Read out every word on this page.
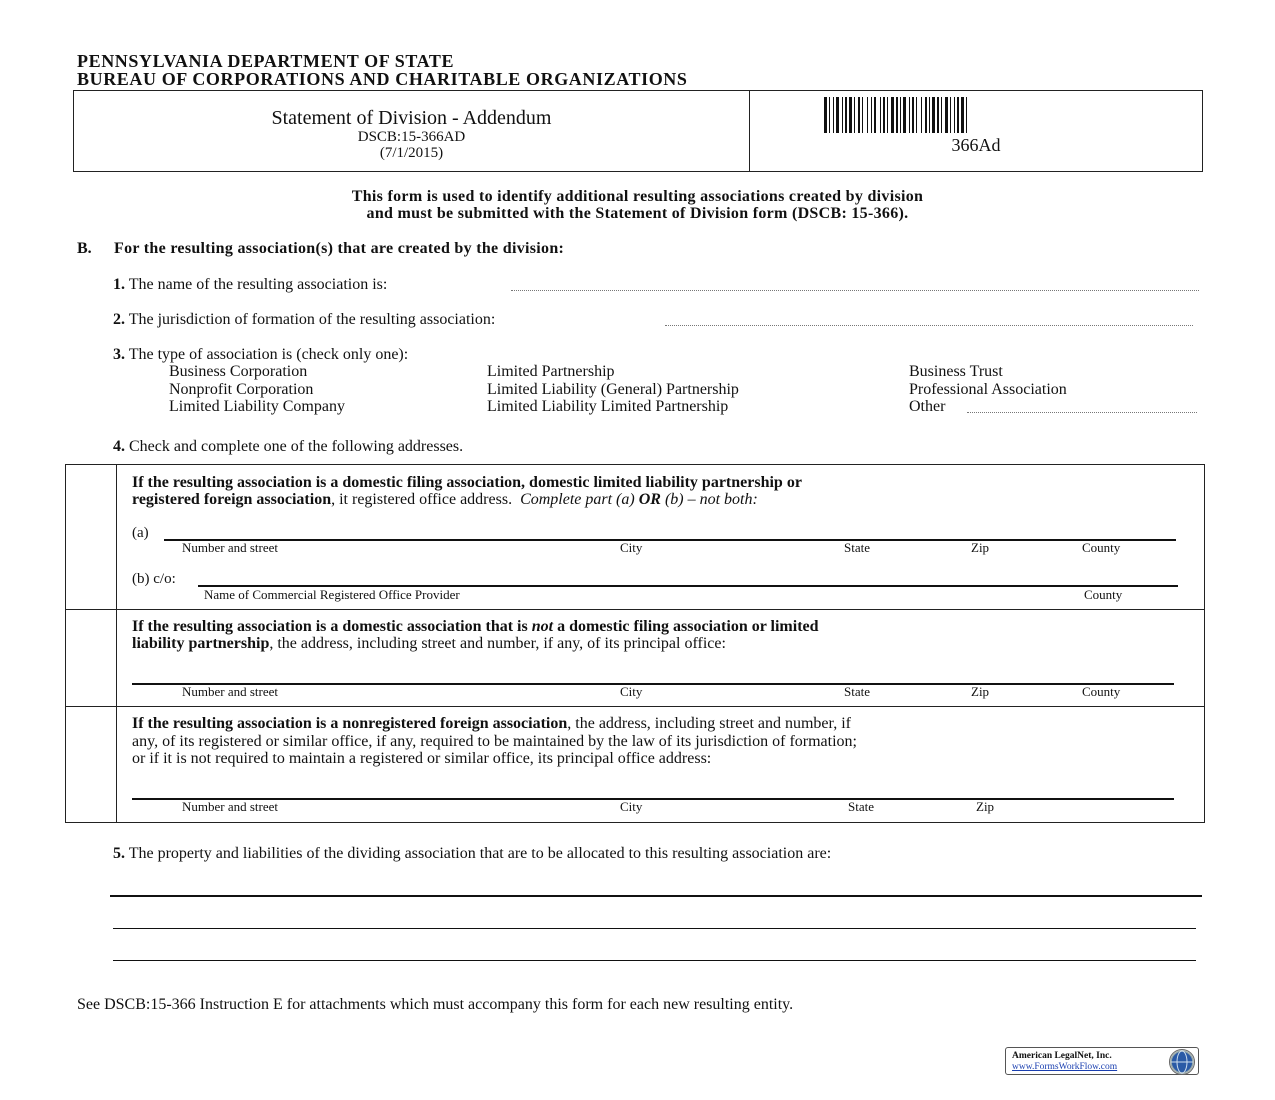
PENNSYLVANIA DEPARTMENT OF STATE
BUREAU OF CORPORATIONS AND CHARITABLE ORGANIZATIONS
Statement of Division - Addendum
DSCB:15-366AD
(7/1/2015)	366Ad
This form is used to identify additional resulting associations created by division
and must be submitted with the Statement of Division form (DSCB: 15-366).
B. For the resulting association(s) that are created by the division:
1. The name of the resulting association is:
2. The jurisdiction of formation of the resulting association:
3. The type of association is (check only one):
Business Corporation
Nonprofit Corporation
Limited Liability Company
Limited Partnership
Limited Liability (General) Partnership
Limited Liability Limited Partnership
Business Trust
Professional Association
Other
4. Check and complete one of the following addresses.
If the resulting association is a domestic filing association, domestic limited liability partnership or
registered foreign association, it registered office address. Complete part (a) OR (b) – not both:
(a)
Number and street	City	State	Zip	County
(b) c/o:
Name of Commercial Registered Office Provider	County
If the resulting association is a domestic association that is not a domestic filing association or limited
liability partnership, the address, including street and number, if any, of its principal office:
Number and street	City	State	Zip	County
If the resulting association is a nonregistered foreign association, the address, including street and number, if
any, of its registered or similar office, if any, required to be maintained by the law of its jurisdiction of formation;
or if it is not required to maintain a registered or similar office, its principal office address:
Number and street	City	State	Zip
5. The property and liabilities of the dividing association that are to be allocated to this resulting association are:
See DSCB:15-366 Instruction E for attachments which must accompany this form for each new resulting entity.
American LegalNet, Inc.
www.FormsWorkFlow.com
